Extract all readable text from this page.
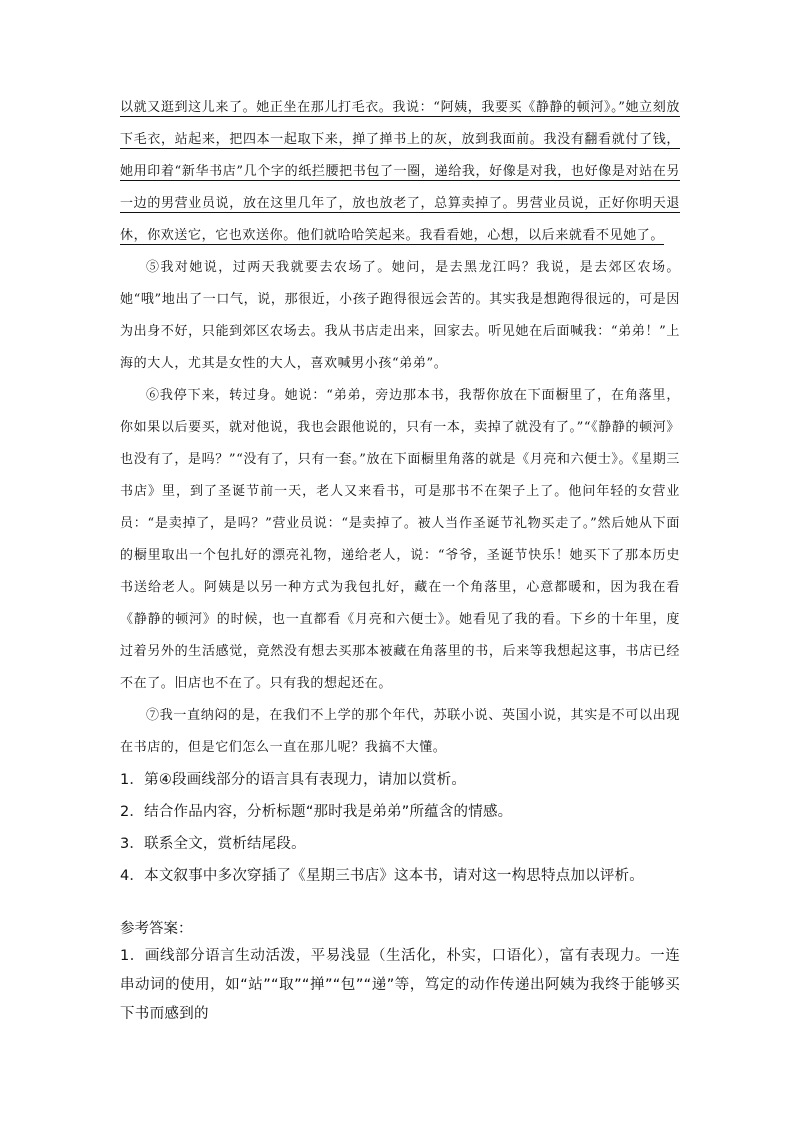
以就又逛到这儿来了。她正坐在那儿打毛衣。我说：“阿姨，我要买《静静的顿河》。”她立刻放下毛衣，站起来，把四本一起取下来，掸了掸书上的灰，放到我面前。我没有翻看就付了钱，她用印着“新华书店”几个字的纸拦腰把书包了一圈，递给我，好像是对我，也好像是对站在另一边的男营业员说，放在这里几年了，放也放老了，总算卖掉了。男营业员说，正好你明天退休，你欢送它，它也欢送你。他们就哈哈笑起来。我看看她，心想，以后来就看不见她了。

⑤我对她说，过两天我就要去农场了。她问，是去黑龙江吗？我说，是去郊区农场。她“哦”地出了一口气，说，那很近，小孩子跑得很远会苦的。其实我是想跑得很远的，可是因为出身不好，只能到郊区农场去。我从书店走出来，回家去。听见她在后面喊我：“弟弟！”上海的大人，尤其是女性的大人，喜欢喊男小孩“弟弟”。

⑥我停下来，转过身。她说：“弟弟，旁边那本书，我帮你放在下面橱里了，在角落里，你如果以后要买，就对他说，我也会跟他说的，只有一本，卖掉了就没有了。”“《静静的顿河》也没有了，是吗？”“没有了，只有一套。”放在下面橱里角落的就是《月亮和六便士》。《星期三书店》里，到了圣诞节前一天，老人又来看书，可是那书不在架子上了。他问年轻的女营业员：“是卖掉了，是吗？”营业员说：“是卖掉了。被人当作圣诞节礼物买走了。”然后她从下面的橱里取出一个包扎好的漂亮礼物，递给老人，说：“爷爷，圣诞节快乐！她买下了那本历史书送给老人。阿姨是以另一种方式为我包扎好，藏在一个角落里，心意都暖和，因为我在看《静静的顿河》的时候，也一直都看《月亮和六便士》。她看见了我的看。下乡的十年里，度过着另外的生活感觉，竟然没有想去买那本被藏在角落里的书，后来等我想起这事，书店已经不在了。旧店也不在了。只有我的想起还在。

⑦我一直纳闷的是，在我们不上学的那个年代，苏联小说、英国小说，其实是不可以出现在书店的，但是它们怎么一直在那儿呢？我搞不大懂。

1．第④段画线部分的语言具有表现力，请加以赏析。

2．结合作品内容，分析标题“那时我是弟弟”所蕴含的情感。

3．联系全文，赏析结尾段。

4．本文叙事中多次穿插了《星期三书店》这本书，请对这一构思特点加以评析。

参考答案：

1．画线部分语言生动活泼，平易浅显（生活化，朴实，口语化），富有表现力。一连串动词的使用，如“站”“取”“掸”“包”“递”等，笃定的动作传递出阿姨为我终于能够买下书而感到的
